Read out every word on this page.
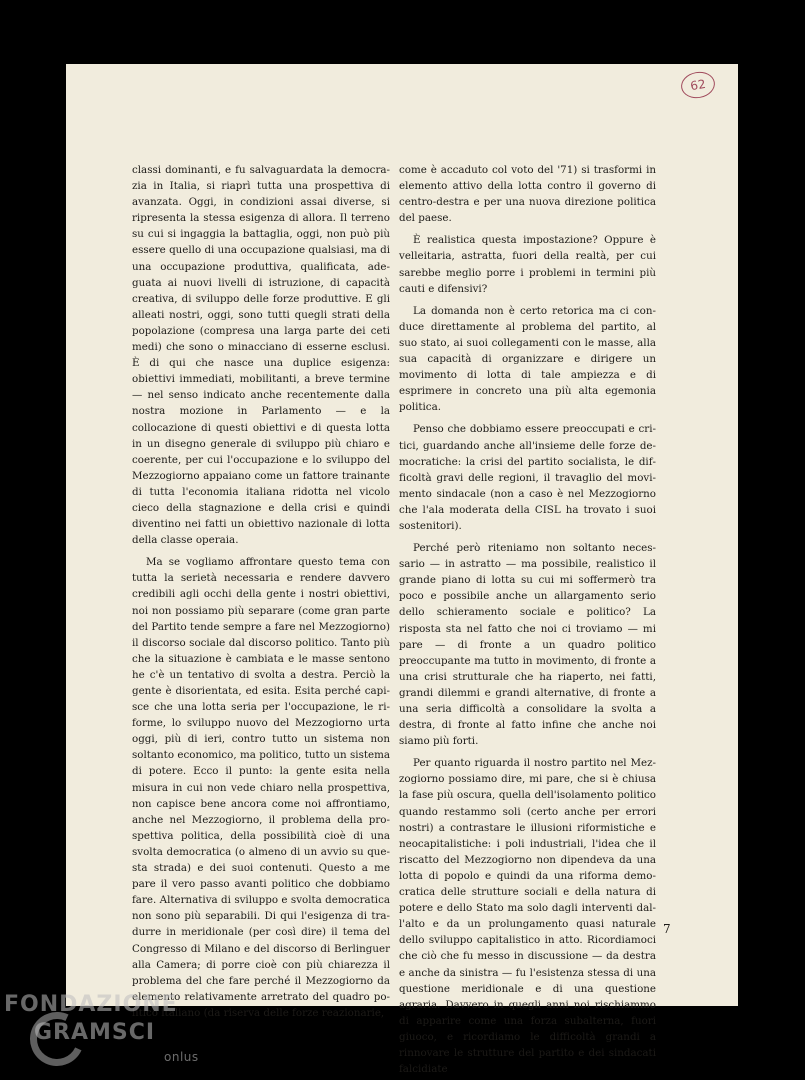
62

classi dominanti, e fu salvaguardata la democrazia in Italia, si riaprì tutta una prospettiva di avanzata. Oggi, in condizioni assai diverse, si ripresenta la stessa esigenza di allora. Il terreno su cui si ingaggia la battaglia, oggi, non può più essere quello di una occupazione qualsiasi, ma di una occupazione produttiva, qualificata, adeguata ai nuovi livelli di istruzione, di capacità creativa, di sviluppo delle forze produttive. E gli alleati nostri, oggi, sono tutti quegli strati della popolazione (compresa una larga parte dei ceti medi) che sono o minacciano di esserne esclusi. È di qui che nasce una duplice esigenza: obiettivi immediati, mobilitanti, a breve termine — nel senso indicato anche recentemente dalla nostra mozione in Parlamento — e la collocazione di questi obiettivi e di questa lotta in un disegno generale di sviluppo più chiaro e coerente, per cui l'occupazione e lo sviluppo del Mezzogiorno appaiano come un fattore trainante di tutta l'economia italiana ridotta nel vicolo cieco della stagnazione e della crisi e quindi diventino nei fatti un obiettivo nazionale di lotta della classe operaia.

Ma se vogliamo affrontare questo tema con tutta la serietà necessaria e rendere davvero credibili agli occhi della gente i nostri obiettivi, noi non possiamo più separare (come gran parte del Partito tende sempre a fare nel Mezzogiorno) il discorso sociale dal discorso politico. Tanto più che la situazione è cambiata e le masse sentono he c'è un tentativo di svolta a destra. Perciò la gente è disorientata, ed esita. Esita perché capisce che una lotta seria per l'occupazione, le riforme, lo sviluppo nuovo del Mezzogiorno urta oggi, più di ieri, contro tutto un sistema non soltanto economico, ma politico, tutto un sistema di potere. Ecco il punto: la gente esita nella misura in cui non vede chiaro nella prospettiva, non capisce bene ancora come noi affrontiamo, anche nel Mezzogiorno, il problema della prospettiva politica, della possibilità cioè di una svolta democratica (o almeno di un avvio su questa strada) e dei suoi contenuti. Questo a me pare il vero passo avanti politico che dobbiamo fare. Alternativa di sviluppo e svolta democratica non sono più separabili. Di qui l'esigenza di tradurre in meridionale (per così dire) il tema del Congresso di Milano e del discorso di Berlinguer alla Camera; di porre cioè con più chiarezza il problema del che fare perché il Mezzogiorno da elemento relativamente arretrato del quadro politico italiano (da riserva delle forze reazionarie,

come è accaduto col voto del '71) si trasformi in elemento attivo della lotta contro il governo di centro-destra e per una nuova direzione politica del paese.

È realistica questa impostazione? Oppure è velleitaria, astratta, fuori della realtà, per cui sarebbe meglio porre i problemi in termini più cauti e difensivi?

La domanda non è certo retorica ma ci conduce direttamente al problema del partito, al suo stato, ai suoi collegamenti con le masse, alla sua capacità di organizzare e dirigere un movimento di lotta di tale ampiezza e di esprimere in concreto una più alta egemonia politica.

Penso che dobbiamo essere preoccupati e critici, guardando anche all'insieme delle forze democratiche: la crisi del partito socialista, le difficoltà gravi delle regioni, il travaglio del movimento sindacale (non a caso è nel Mezzogiorno che l'ala moderata della CISL ha trovato i suoi sostenitori).

Perché però riteniamo non soltanto necessario — in astratto — ma possibile, realistico il grande piano di lotta su cui mi soffermerò tra poco e possibile anche un allargamento serio dello schieramento sociale e politico? La risposta sta nel fatto che noi ci troviamo — mi pare — di fronte a un quadro politico preoccupante ma tutto in movimento, di fronte a una crisi strutturale che ha riaperto, nei fatti, grandi dilemmi e grandi alternative, di fronte a una seria difficoltà a consolidare la svolta a destra, di fronte al fatto infine che anche noi siamo più forti.

Per quanto riguarda il nostro partito nel Mezzogiorno possiamo dire, mi pare, che si è chiusa la fase più oscura, quella dell'isolamento politico quando restammo soli (certo anche per errori nostri) a contrastare le illusioni riformistiche e neocapitalistiche: i poli industriali, l'idea che il riscatto del Mezzogiorno non dipendeva da una lotta di popolo e quindi da una riforma democratica delle strutture sociali e della natura di potere e dello Stato ma solo dagli interventi dall'alto e da un prolungamento quasi naturale dello sviluppo capitalistico in atto. Ricordiamoci che ciò che fu messo in discussione — da destra e anche da sinistra — fu l'esistenza stessa di una questione meridionale e di una questione agraria. Davvero in quegli anni noi rischiammo di apparire come una forza subalterna, fuori giuoco, e ricordiamo le difficoltà grandi a rinnovare le strutture del partito e dei sindacati falcidiate

7
FONDAZIONE
GRAMSCI
onlus
